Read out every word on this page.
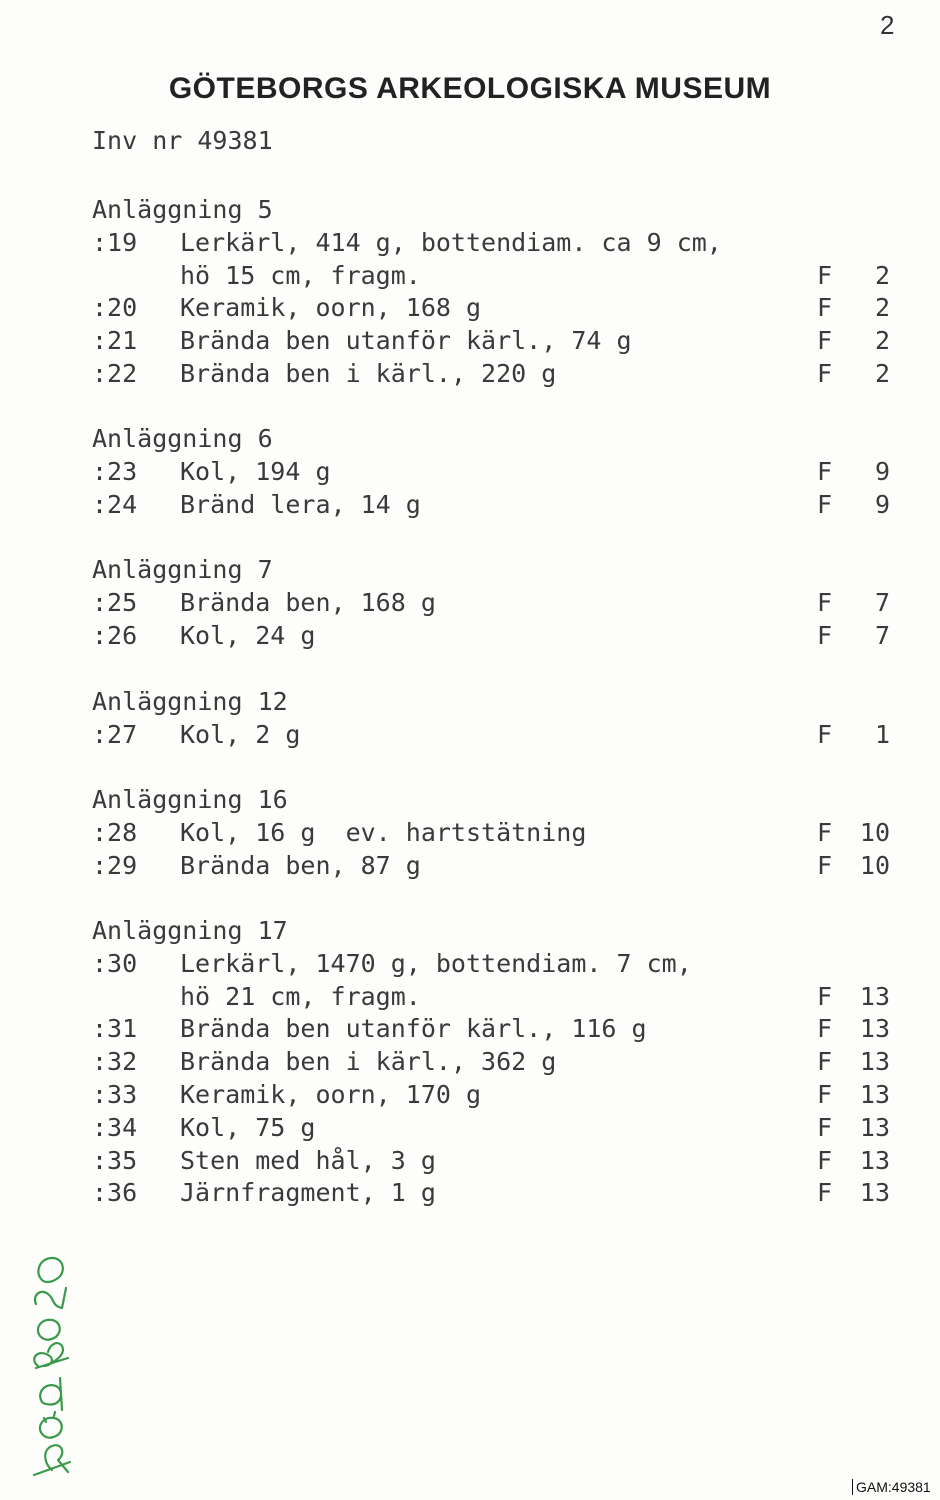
2
GÖTEBORGS ARKEOLOGISKA MUSEUM
Inv nr 49381
Anläggning 5
:19	Lerkärl, 414 g, bottendiam. ca 9 cm,
hö 15 cm, fragm.	F	2
:20	Keramik, oorn, 168 g	F	2
:21	Brända ben utanför kärl., 74 g	F	2
:22	Brända ben i kärl., 220 g	F	2
Anläggning 6
:23	Kol, 194 g	F	9
:24	Bränd lera, 14 g	F	9
Anläggning 7
:25	Brända ben, 168 g	F	7
:26	Kol, 24 g	F	7
Anläggning 12
:27	Kol, 2 g	F	1
Anläggning 16
:28	Kol, 16 g  ev. hartstätning	F	10
:29	Brända ben, 87 g	F	10
Anläggning 17
:30	Lerkärl, 1470 g, bottendiam. 7 cm,
hö 21 cm, fragm.	F	13
:31	Brända ben utanför kärl., 116 g	F	13
:32	Brända ben i kärl., 362 g	F	13
:33	Keramik, oorn, 170 g	F	13
:34	Kol, 75 g	F	13
:35	Sten med hål, 3 g	F	13
:36	Järnfragment, 1 g	F	13
GAM:49381
